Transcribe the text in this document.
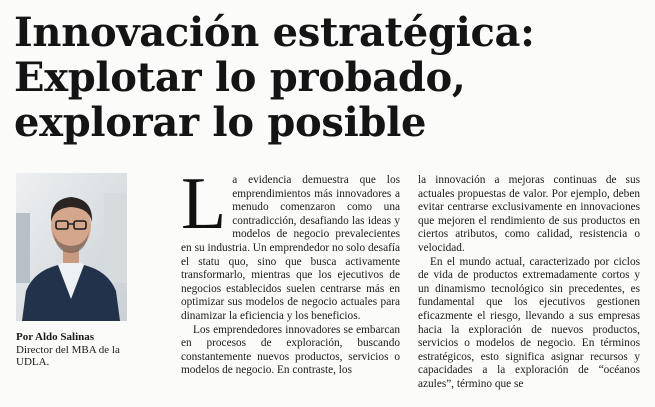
Innovación estratégica:
Explotar lo probado,
explorar lo posible
Por Aldo Salinas
Director del MBA de la UDLA.

La evidencia demuestra que los emprendimientos más innovadores a menudo comenzaron como una contradicción, desafiando las ideas y modelos de negocio prevalecientes en su industria. Un emprendedor no solo desafía el statu quo, sino que busca activamente transformarlo, mientras que los ejecutivos de negocios establecidos suelen centrarse más en optimizar sus modelos de negocio actuales para dinamizar la eficiencia y los beneficios.

Los emprendedores innovadores se embarcan en procesos de exploración, buscando constantemente nuevos productos, servicios o modelos de negocio. En contraste, los

la innovación a mejoras continuas de sus actuales propuestas de valor. Por ejemplo, deben evitar centrarse exclusivamente en innovaciones que mejoren el rendimiento de sus productos en ciertos atributos, como calidad, resistencia o velocidad.

En el mundo actual, caracterizado por ciclos de vida de productos extremadamente cortos y un dinamismo tecnológico sin precedentes, es fundamental que los ejecutivos gestionen eficazmente el riesgo, llevando a sus empresas hacia la exploración de nuevos productos, servicios o modelos de negocio. En términos estratégicos, esto significa asignar recursos y capacidades a la exploración de “océanos azules”, término que se
